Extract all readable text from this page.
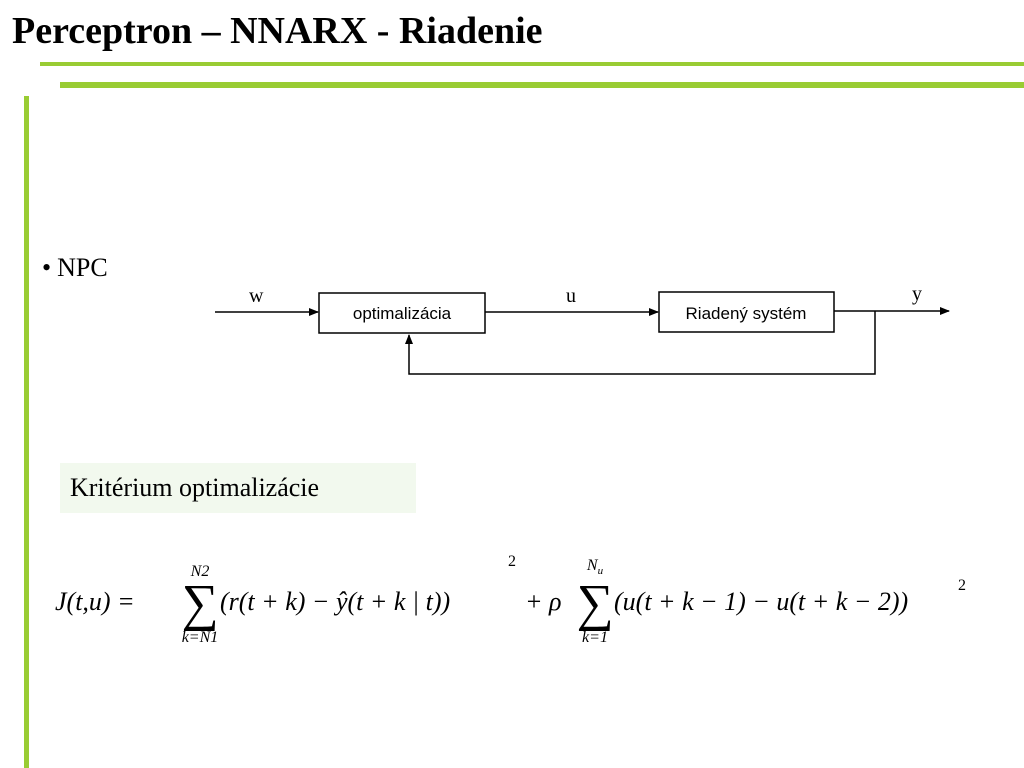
Perceptron – NNARX - Riadenie
• NPC
w
optimalizácia
u
Riadený systém
y
Kritérium optimalizácie
J(t,u) =
N2
∑
k=N1
(r(t + k) − ŷ(t + k | t))
2
+ ρ
$N_u$
∑
k=1
(u(t + k − 1) − u(t + k − 2))
2
